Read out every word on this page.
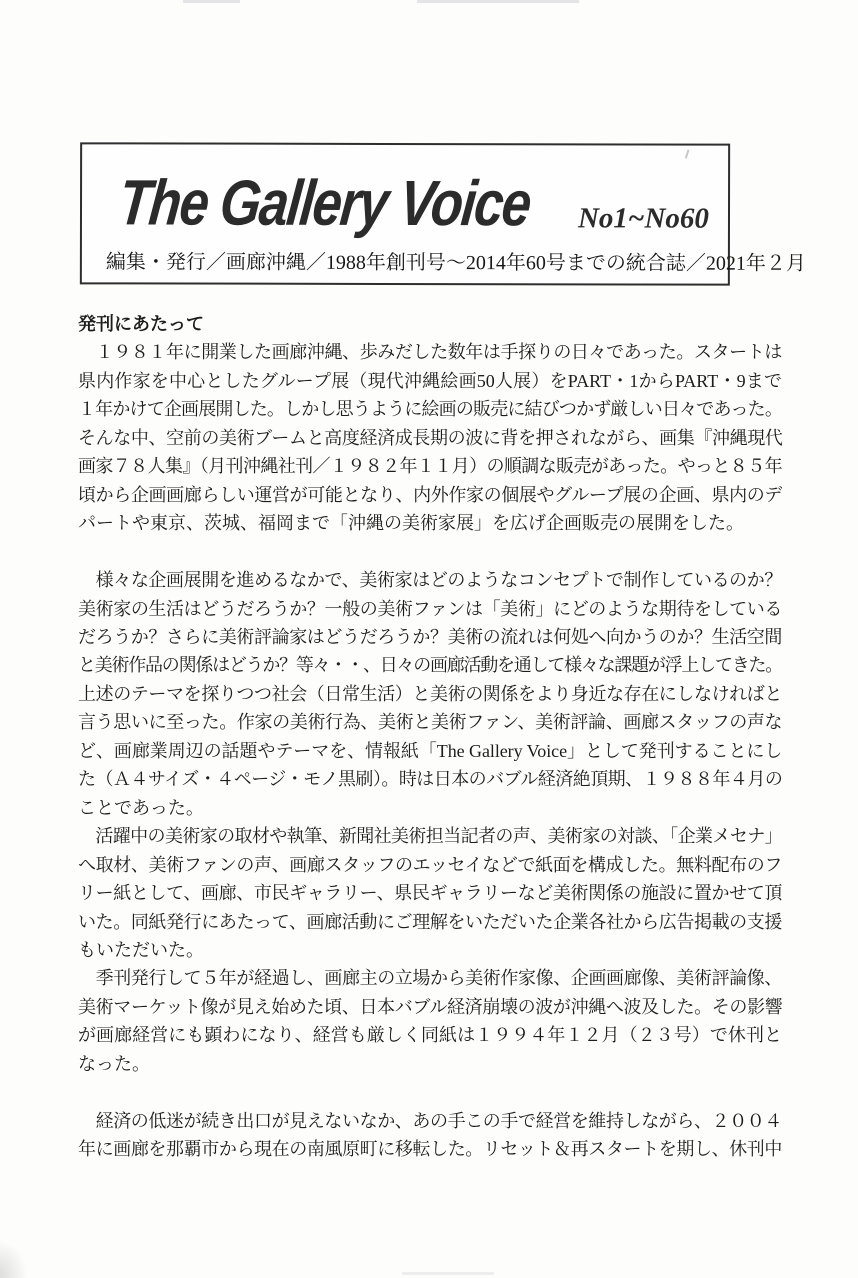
The Gallery Voice No1~No60
編集・発行／画廊沖縄／1988年創刊号～2014年60号までの統合誌／2021年２月
発刊にあたって
　１９８１年に開業した画廊沖縄、歩みだした数年は手探りの日々であった。スタートは
県内作家を中心としたグループ展（現代沖縄絵画50人展）をPART・1からPART・9まで
１年かけて企画展開した。しかし思うように絵画の販売に結びつかず厳しい日々であった。
そんな中、空前の美術ブームと高度経済成長期の波に背を押されながら、画集『沖縄現代
画家７８人集』（月刊沖縄社刊／１９８２年１１月）の順調な販売があった。やっと８５年
頃から企画画廊らしい運営が可能となり、内外作家の個展やグループ展の企画、県内のデ
パートや東京、茨城、福岡まで「沖縄の美術家展」を広げ企画販売の展開をした。
　様々な企画展開を進めるなかで、美術家はどのようなコンセプトで制作しているのか？
美術家の生活はどうだろうか？一般の美術ファンは「美術」にどのような期待をしている
だろうか？さらに美術評論家はどうだろうか？美術の流れは何処へ向かうのか？生活空間
と美術作品の関係はどうか？等々・・、日々の画廊活動を通して様々な課題が浮上してきた。
上述のテーマを探りつつ社会（日常生活）と美術の関係をより身近な存在にしなければと
言う思いに至った。作家の美術行為、美術と美術ファン、美術評論、画廊スタッフの声な
ど、画廊業周辺の話題やテーマを、情報紙「The Gallery Voice」として発刊することにし
た（Ａ４サイズ・４ページ・モノ黒刷）。時は日本のバブル経済絶頂期、１９８８年４月の
ことであった。
　活躍中の美術家の取材や執筆、新聞社美術担当記者の声、美術家の対談、「企業メセナ」
へ取材、美術ファンの声、画廊スタッフのエッセイなどで紙面を構成した。無料配布のフ
リー紙として、画廊、市民ギャラリー、県民ギャラリーなど美術関係の施設に置かせて頂
いた。同紙発行にあたって、画廊活動にご理解をいただいた企業各社から広告掲載の支援
もいただいた。
　季刊発行して５年が経過し、画廊主の立場から美術作家像、企画画廊像、美術評論像、
美術マーケット像が見え始めた頃、日本バブル経済崩壊の波が沖縄へ波及した。その影響
が画廊経営にも顕わになり、経営も厳しく同紙は１９９４年１２月（２３号）で休刊と
なった。
　経済の低迷が続き出口が見えないなか、あの手この手で経営を維持しながら、２００４
年に画廊を那覇市から現在の南風原町に移転した。リセット＆再スタートを期し、休刊中
